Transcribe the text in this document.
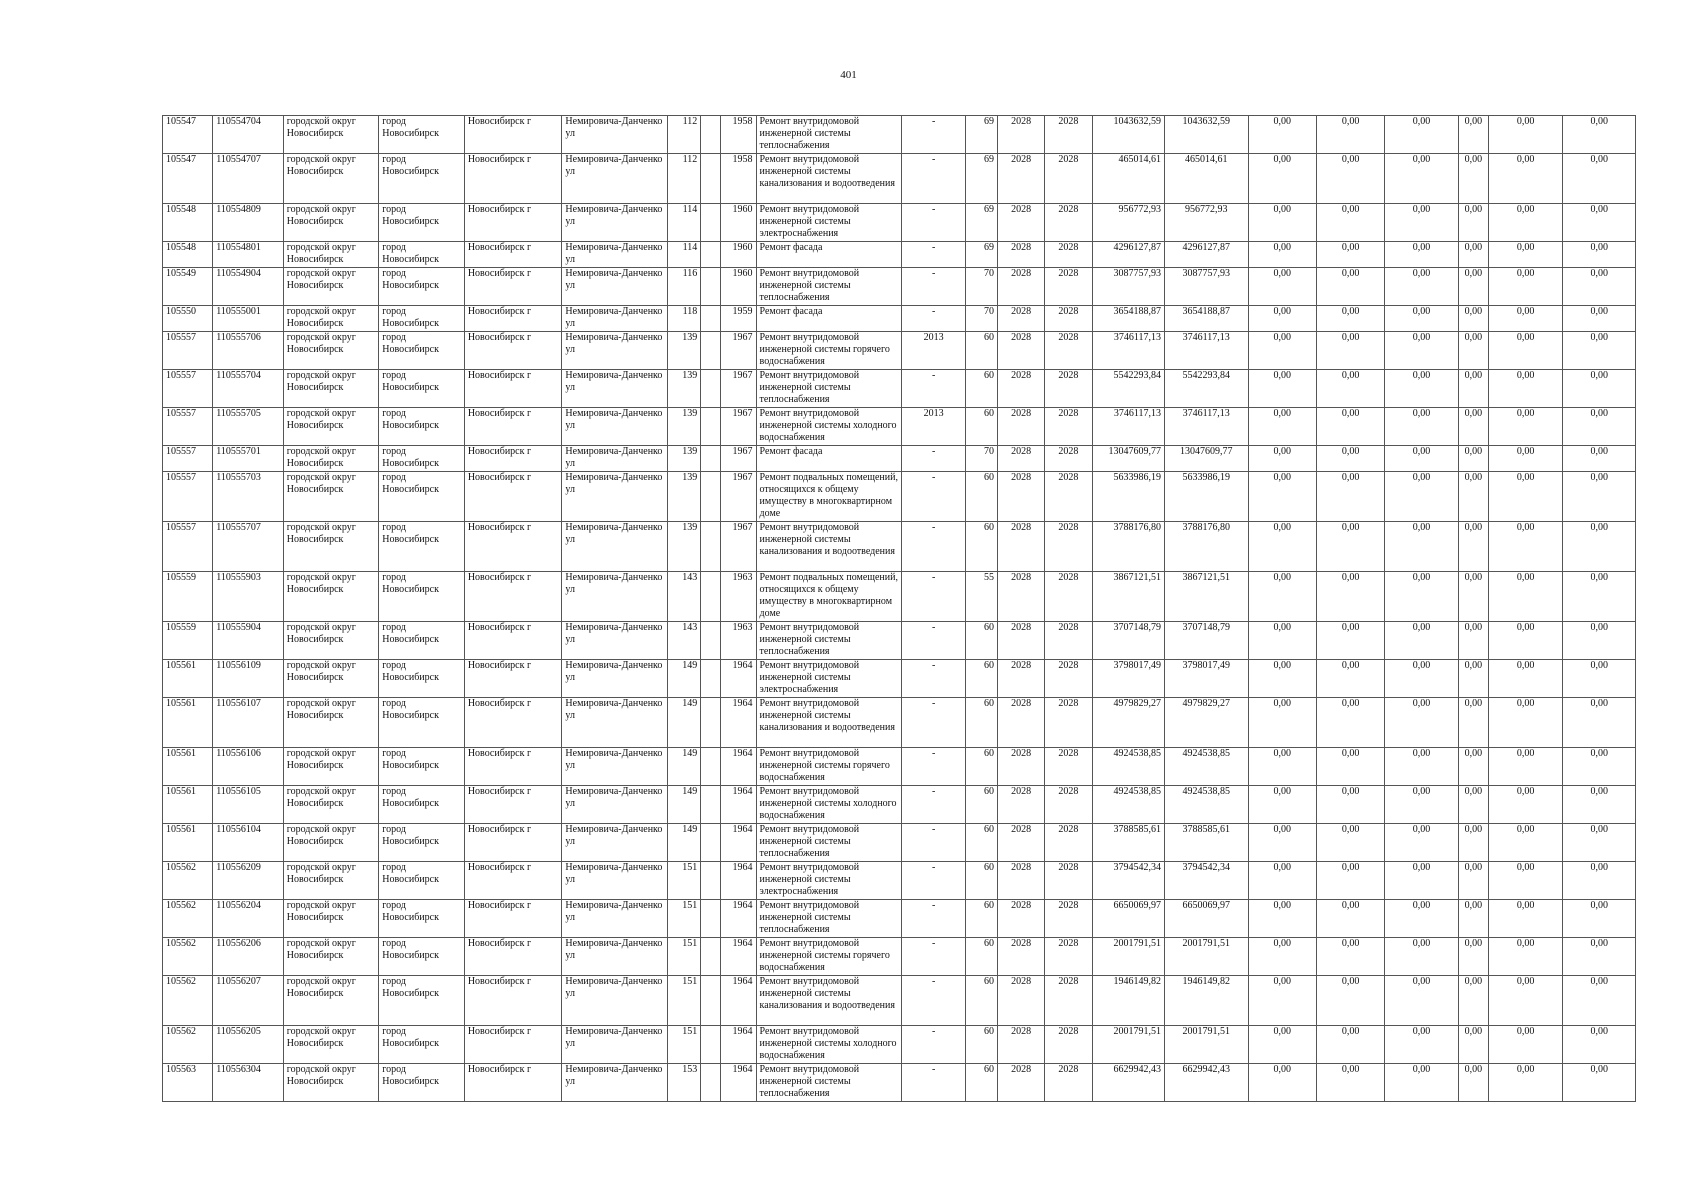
401
105547	110554704	городской округ Новосибирск	город Новосибирск	Новосибирск г	Немировича-Данченко ул	112		1958	Ремонт внутридомовой инженерной системы теплоснабжения	-	69	2028	2028	1043632,59	1043632,59	0,00	0,00	0,00	0,00	0,00	0,00
105547	110554707	городской округ Новосибирск	город Новосибирск	Новосибирск г	Немировича-Данченко ул	112		1958	Ремонт внутридомовой инженерной системы канализования и водоотведения	-	69	2028	2028	465014,61	465014,61	0,00	0,00	0,00	0,00	0,00	0,00
105548	110554809	городской округ Новосибирск	город Новосибирск	Новосибирск г	Немировича-Данченко ул	114		1960	Ремонт внутридомовой инженерной системы электроснабжения	-	69	2028	2028	956772,93	956772,93	0,00	0,00	0,00	0,00	0,00	0,00
105548	110554801	городской округ Новосибирск	город Новосибирск	Новосибирск г	Немировича-Данченко ул	114		1960	Ремонт фасада	-	69	2028	2028	4296127,87	4296127,87	0,00	0,00	0,00	0,00	0,00	0,00
105549	110554904	городской округ Новосибирск	город Новосибирск	Новосибирск г	Немировича-Данченко ул	116		1960	Ремонт внутридомовой инженерной системы теплоснабжения	-	70	2028	2028	3087757,93	3087757,93	0,00	0,00	0,00	0,00	0,00	0,00
105550	110555001	городской округ Новосибирск	город Новосибирск	Новосибирск г	Немировича-Данченко ул	118		1959	Ремонт фасада	-	70	2028	2028	3654188,87	3654188,87	0,00	0,00	0,00	0,00	0,00	0,00
105557	110555706	городской округ Новосибирск	город Новосибирск	Новосибирск г	Немировича-Данченко ул	139		1967	Ремонт внутридомовой инженерной системы горячего водоснабжения	2013	60	2028	2028	3746117,13	3746117,13	0,00	0,00	0,00	0,00	0,00	0,00
105557	110555704	городской округ Новосибирск	город Новосибирск	Новосибирск г	Немировича-Данченко ул	139		1967	Ремонт внутридомовой инженерной системы теплоснабжения	-	60	2028	2028	5542293,84	5542293,84	0,00	0,00	0,00	0,00	0,00	0,00
105557	110555705	городской округ Новосибирск	город Новосибирск	Новосибирск г	Немировича-Данченко ул	139		1967	Ремонт внутридомовой инженерной системы холодного водоснабжения	2013	60	2028	2028	3746117,13	3746117,13	0,00	0,00	0,00	0,00	0,00	0,00
105557	110555701	городской округ Новосибирск	город Новосибирск	Новосибирск г	Немировича-Данченко ул	139		1967	Ремонт фасада	-	70	2028	2028	13047609,77	13047609,77	0,00	0,00	0,00	0,00	0,00	0,00
105557	110555703	городской округ Новосибирск	город Новосибирск	Новосибирск г	Немировича-Данченко ул	139		1967	Ремонт подвальных помещений, относящихся к общему имуществу в многоквартирном доме	-	60	2028	2028	5633986,19	5633986,19	0,00	0,00	0,00	0,00	0,00	0,00
105557	110555707	городской округ Новосибирск	город Новосибирск	Новосибирск г	Немировича-Данченко ул	139		1967	Ремонт внутридомовой инженерной системы канализования и водоотведения	-	60	2028	2028	3788176,80	3788176,80	0,00	0,00	0,00	0,00	0,00	0,00
105559	110555903	городской округ Новосибирск	город Новосибирск	Новосибирск г	Немировича-Данченко ул	143		1963	Ремонт подвальных помещений, относящихся к общему имуществу в многоквартирном доме	-	55	2028	2028	3867121,51	3867121,51	0,00	0,00	0,00	0,00	0,00	0,00
105559	110555904	городской округ Новосибирск	город Новосибирск	Новосибирск г	Немировича-Данченко ул	143		1963	Ремонт внутридомовой инженерной системы теплоснабжения	-	60	2028	2028	3707148,79	3707148,79	0,00	0,00	0,00	0,00	0,00	0,00
105561	110556109	городской округ Новосибирск	город Новосибирск	Новосибирск г	Немировича-Данченко ул	149		1964	Ремонт внутридомовой инженерной системы электроснабжения	-	60	2028	2028	3798017,49	3798017,49	0,00	0,00	0,00	0,00	0,00	0,00
105561	110556107	городской округ Новосибирск	город Новосибирск	Новосибирск г	Немировича-Данченко ул	149		1964	Ремонт внутридомовой инженерной системы канализования и водоотведения	-	60	2028	2028	4979829,27	4979829,27	0,00	0,00	0,00	0,00	0,00	0,00
105561	110556106	городской округ Новосибирск	город Новосибирск	Новосибирск г	Немировича-Данченко ул	149		1964	Ремонт внутридомовой инженерной системы горячего водоснабжения	-	60	2028	2028	4924538,85	4924538,85	0,00	0,00	0,00	0,00	0,00	0,00
105561	110556105	городской округ Новосибирск	город Новосибирск	Новосибирск г	Немировича-Данченко ул	149		1964	Ремонт внутридомовой инженерной системы холодного водоснабжения	-	60	2028	2028	4924538,85	4924538,85	0,00	0,00	0,00	0,00	0,00	0,00
105561	110556104	городской округ Новосибирск	город Новосибирск	Новосибирск г	Немировича-Данченко ул	149		1964	Ремонт внутридомовой инженерной системы теплоснабжения	-	60	2028	2028	3788585,61	3788585,61	0,00	0,00	0,00	0,00	0,00	0,00
105562	110556209	городской округ Новосибирск	город Новосибирск	Новосибирск г	Немировича-Данченко ул	151		1964	Ремонт внутридомовой инженерной системы электроснабжения	-	60	2028	2028	3794542,34	3794542,34	0,00	0,00	0,00	0,00	0,00	0,00
105562	110556204	городской округ Новосибирск	город Новосибирск	Новосибирск г	Немировича-Данченко ул	151		1964	Ремонт внутридомовой инженерной системы теплоснабжения	-	60	2028	2028	6650069,97	6650069,97	0,00	0,00	0,00	0,00	0,00	0,00
105562	110556206	городской округ Новосибирск	город Новосибирск	Новосибирск г	Немировича-Данченко ул	151		1964	Ремонт внутридомовой инженерной системы горячего водоснабжения	-	60	2028	2028	2001791,51	2001791,51	0,00	0,00	0,00	0,00	0,00	0,00
105562	110556207	городской округ Новосибирск	город Новосибирск	Новосибирск г	Немировича-Данченко ул	151		1964	Ремонт внутридомовой инженерной системы канализования и водоотведения	-	60	2028	2028	1946149,82	1946149,82	0,00	0,00	0,00	0,00	0,00	0,00
105562	110556205	городской округ Новосибирск	город Новосибирск	Новосибирск г	Немировича-Данченко ул	151		1964	Ремонт внутридомовой инженерной системы холодного водоснабжения	-	60	2028	2028	2001791,51	2001791,51	0,00	0,00	0,00	0,00	0,00	0,00
105563	110556304	городской округ Новосибирск	город Новосибирск	Новосибирск г	Немировича-Данченко ул	153		1964	Ремонт внутридомовой инженерной системы теплоснабжения	-	60	2028	2028	6629942,43	6629942,43	0,00	0,00	0,00	0,00	0,00	0,00
